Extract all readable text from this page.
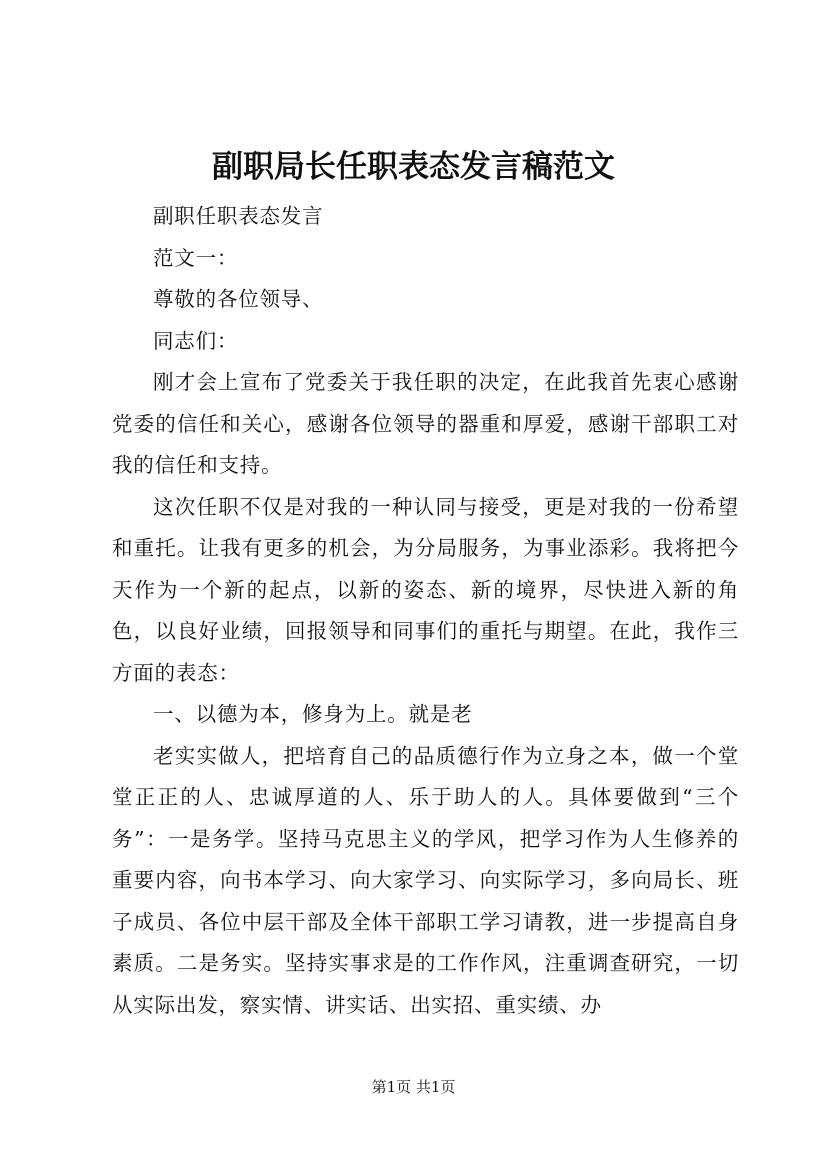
副职局长任职表态发言稿范文

副职任职表态发言

范文一：

尊敬的各位领导、

同志们：

刚才会上宣布了党委关于我任职的决定，在此我首先衷心感谢党委的信任和关心，感谢各位领导的器重和厚爱，感谢干部职工对我的信任和支持。

这次任职不仅是对我的一种认同与接受，更是对我的一份希望和重托。让我有更多的机会，为分局服务，为事业添彩。我将把今天作为一个新的起点，以新的姿态、新的境界，尽快进入新的角色，以良好业绩，回报领导和同事们的重托与期望。在此，我作三方面的表态：

一、以德为本，修身为上。就是老

老实实做人，把培育自己的品质德行作为立身之本，做一个堂堂正正的人、忠诚厚道的人、乐于助人的人。具体要做到“三个务”：一是务学。坚持马克思主义的学风，把学习作为人生修养的重要内容，向书本学习、向大家学习、向实际学习，多向局长、班子成员、各位中层干部及全体干部职工学习请教，进一步提高自身素质。二是务实。坚持实事求是的工作作风，注重调查研究，一切从实际出发，察实情、讲实话、出实招、重实绩、办

第1页 共1页
